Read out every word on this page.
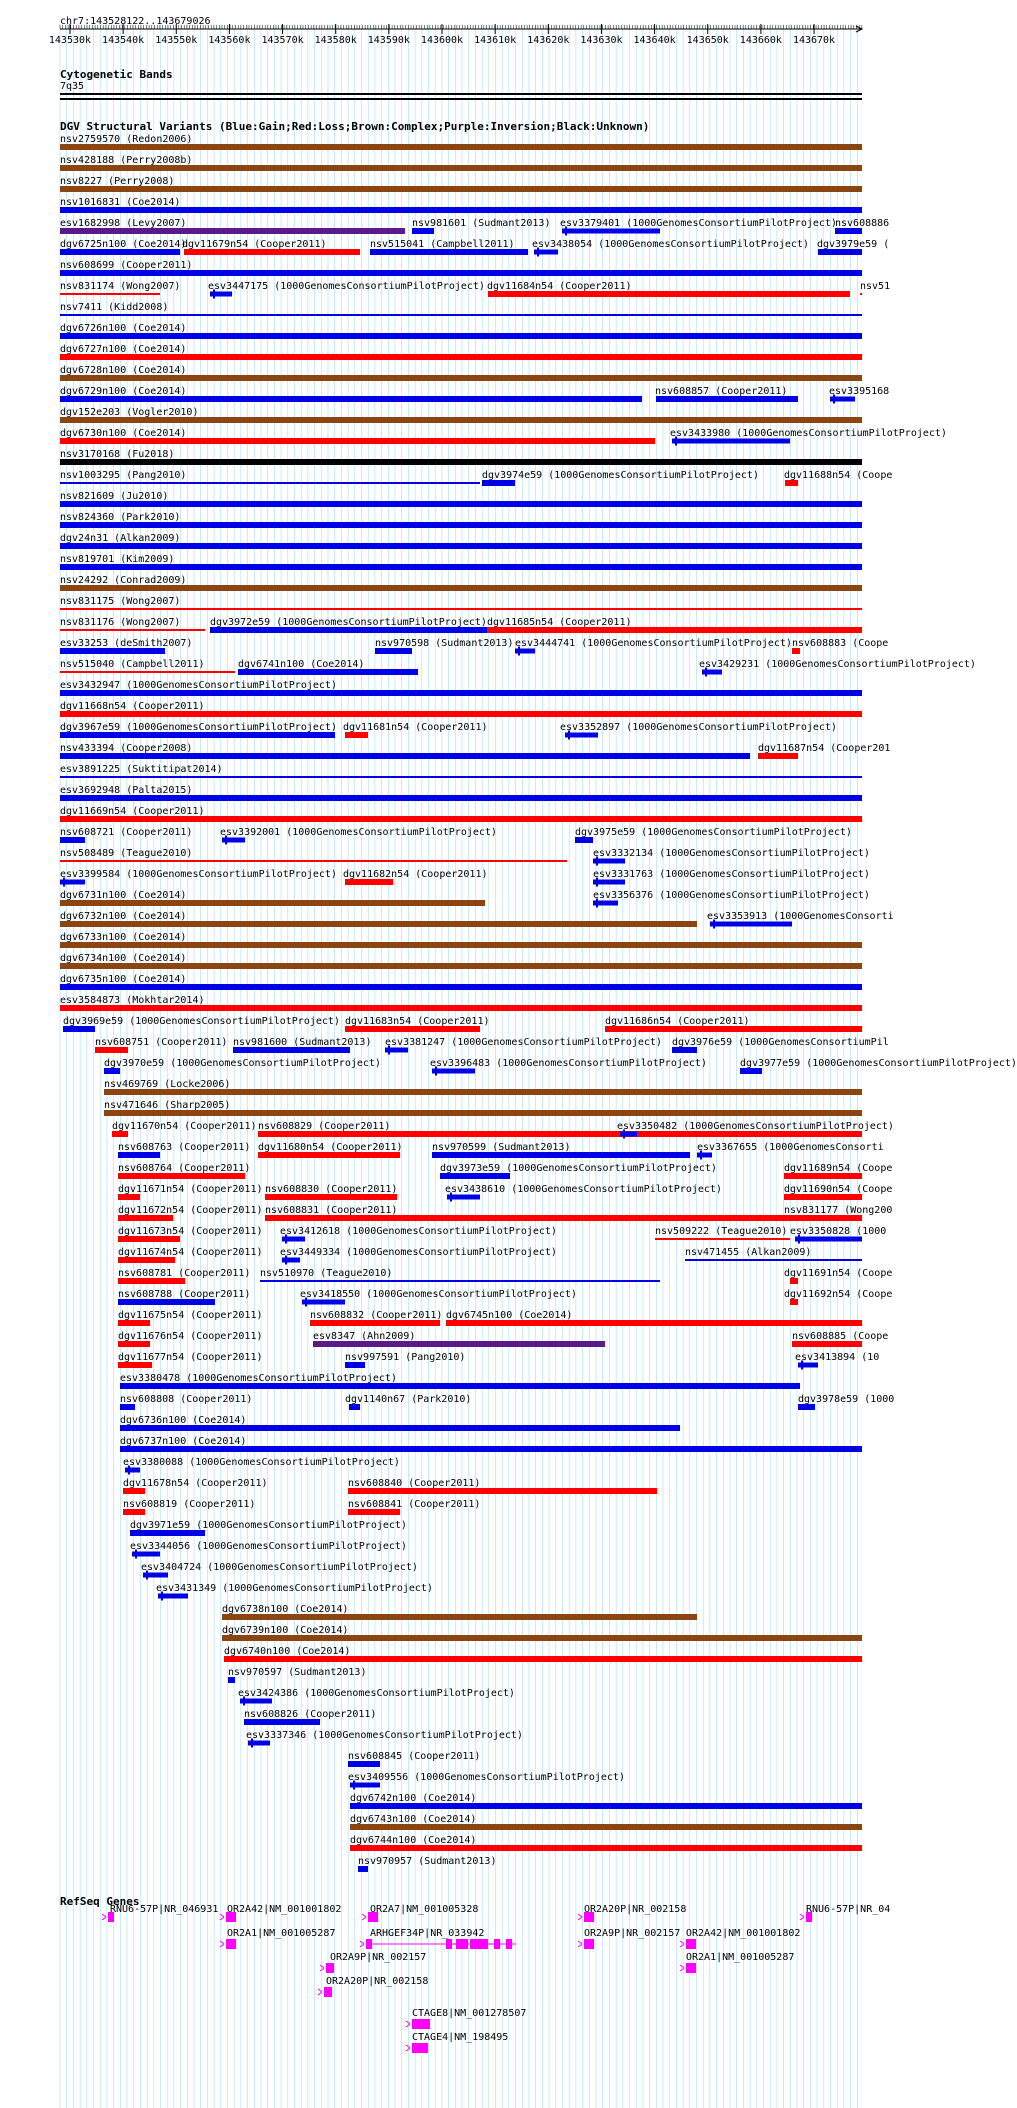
143530k 143540k 143550k 143560k 143570k 143580k 143590k 143600k 143610k 143620k 143630k 143640k 143650k 143660k 143670k
chr7:143528122..143679026
Cytogenetic Bands
7q35
DGV Structural Variants (Blue:Gain;Red:Loss;Brown:Complex;Purple:Inversion;Black:Unknown)
RefSeq Genes
nsv2759570 (Redon2006)
nsv428188 (Perry2008b)
nsv8227 (Perry2008)
nsv1016831 (Coe2014)
esv1682998 (Levy2007)	nsv981601 (Sudmant2013) esv3379401 (1000GenomesConsortiumPilotProject)
nsv608886
dgv6725n100 (Coe2014)
dgv11679n54 (Cooper2011)	nsv515041 (Campbell2011) esv3438054 (1000GenomesConsortiumPilotProject) dgv3979e59 (
nsv608699 (Cooper2011)
nsv831174 (Wong2007)	esv3447175 (1000GenomesConsortiumPilotProject) dgv11684n54 (Cooper2011)	nsv51
nsv7411 (Kidd2008)
dgv6726n100 (Coe2014)
dgv6727n100 (Coe2014)
dgv6728n100 (Coe2014)
dgv6729n100 (Coe2014)	nsv608857 (Cooper2011)	esv3395168
dgv152e203 (Vogler2010)
dgv6730n100 (Coe2014)	esv3433980 (1000GenomesConsortiumPilotProject)
nsv3170168 (Fu2018)
nsv1003295 (Pang2010)	dgv3974e59 (1000GenomesConsortiumPilotProject)	dgv11688n54 (Coope
nsv821609 (Ju2010)
nsv824360 (Park2010)
dgv24n31 (Alkan2009)
nsv819701 (Kim2009)
nsv24292 (Conrad2009)
nsv831175 (Wong2007)
nsv831176 (Wong2007)	dgv3972e59 (1000GenomesConsortiumPilotProject) dgv11685n54 (Cooper2011)
esv33253 (deSmith2007)	nsv970598 (Sudmant2013) esv3444741 (1000GenomesConsortiumPilotProject) nsv608883 (Coope
nsv515040 (Campbell2011)	dgv6741n100 (Coe2014)	esv3429231 (1000GenomesConsortiumPilotProject)
esv3432947 (1000GenomesConsortiumPilotProject)
dgv11668n54 (Cooper2011)
dgv3967e59 (1000GenomesConsortiumPilotProject) dgv11681n54 (Cooper2011)	esv3352897 (1000GenomesConsortiumPilotProject)
nsv433394 (Cooper2008)	dgv11687n54 (Cooper201
esv3891225 (Suktitipat2014)
esv3692948 (Palta2015)
dgv11669n54 (Cooper2011)
nsv608721 (Cooper2011)	esv3392001 (1000GenomesConsortiumPilotProject)	dgv3975e59 (1000GenomesConsortiumPilotProject)
nsv508489 (Teague2010)	esv3332134 (1000GenomesConsortiumPilotProject)
esv3399584 (1000GenomesConsortiumPilotProject) dgv11682n54 (Cooper2011)	esv3331763 (1000GenomesConsortiumPilotProject)
dgv6731n100 (Coe2014)	esv3356376 (1000GenomesConsortiumPilotProject)
dgv6732n100 (Coe2014)	esv3353913 (1000GenomesConsorti
dgv6733n100 (Coe2014)
dgv6734n100 (Coe2014)
dgv6735n100 (Coe2014)
esv3584873 (Mokhtar2014)
dgv3969e59 (1000GenomesConsortiumPilotProject) dgv11683n54 (Cooper2011)	dgv11686n54 (Cooper2011)
nsv608751 (Cooper2011) nsv981600 (Sudmant2013) esv3381247 (1000GenomesConsortiumPilotProject) dgv3976e59 (1000GenomesConsortiumPil
dgv3970e59 (1000GenomesConsortiumPilotProject)	esv3396483 (1000GenomesConsortiumPilotProject)	dgv3977e59 (1000GenomesConsortiumPilotProject)
nsv469769 (Locke2006)
nsv471646 (Sharp2005)
dgv11670n54 (Cooper2011) nsv608829 (Cooper2011)	esv3350482 (1000GenomesConsortiumPilotProject)
nsv608763 (Cooper2011) dgv11680n54 (Cooper2011)	nsv970599 (Sudmant2013)	esv3367655 (1000GenomesConsorti
nsv608764 (Cooper2011)	dgv3973e59 (1000GenomesConsortiumPilotProject)	dgv11689n54 (Coope
dgv11671n54 (Cooper2011) nsv608830 (Cooper2011)	esv3438610 (1000GenomesConsortiumPilotProject)	dgv11690n54 (Coope
dgv11672n54 (Cooper2011) nsv608831 (Cooper2011)	nsv831177 (Wong200
dgv11673n54 (Cooper2011) esv3412618 (1000GenomesConsortiumPilotProject)	nsv509222 (Teague2010) esv3350828 (1000
dgv11674n54 (Cooper2011) esv3449334 (1000GenomesConsortiumPilotProject)	nsv471455 (Alkan2009)
nsv608781 (Cooper2011) nsv510970 (Teague2010)	dgv11691n54 (Coope
nsv608788 (Cooper2011)	esv3418550 (1000GenomesConsortiumPilotProject)	dgv11692n54 (Coope
dgv11675n54 (Cooper2011)	nsv608832 (Cooper2011) dgv6745n100 (Coe2014)
dgv11676n54 (Cooper2011)	esv8347 (Ahn2009)	nsv608885 (Coope
dgv11677n54 (Cooper2011)	nsv997591 (Pang2010)	esv3413894 (10
esv3380478 (1000GenomesConsortiumPilotProject)
nsv608808 (Cooper2011)	dgv1140n67 (Park2010)	dgv3978e59 (1000
dgv6736n100 (Coe2014)
dgv6737n100 (Coe2014)
esv3380088 (1000GenomesConsortiumPilotProject)
dgv11678n54 (Cooper2011)	nsv608840 (Cooper2011)
nsv608819 (Cooper2011)	nsv608841 (Cooper2011)
dgv3971e59 (1000GenomesConsortiumPilotProject)
esv3344056 (1000GenomesConsortiumPilotProject)
esv3404724 (1000GenomesConsortiumPilotProject)
esv3431349 (1000GenomesConsortiumPilotProject)
dgv6738n100 (Coe2014)
dgv6739n100 (Coe2014)
dgv6740n100 (Coe2014)
nsv970597 (Sudmant2013)
esv3424386 (1000GenomesConsortiumPilotProject)
nsv608826 (Cooper2011)
esv3337346 (1000GenomesConsortiumPilotProject)
nsv608845 (Cooper2011)
esv3409556 (1000GenomesConsortiumPilotProject)
dgv6742n100 (Coe2014)
dgv6743n100 (Coe2014)
dgv6744n100 (Coe2014)
nsv970957 (Sudmant2013)
RNU6-57P|NR_046931 OR2A42|NM_001001802	OR2A7|NM_001005328	OR2A20P|NR_002158	RNU6-57P|NR_04
OR2A1|NM_001005287	ARHGEF34P|NR_033942	OR2A9P|NR_002157 OR2A42|NM_001001802
OR2A9P|NR_002157	OR2A1|NM_001005287
OR2A20P|NR_002158
CTAGE8|NM_001278507
CTAGE4|NM_198495
